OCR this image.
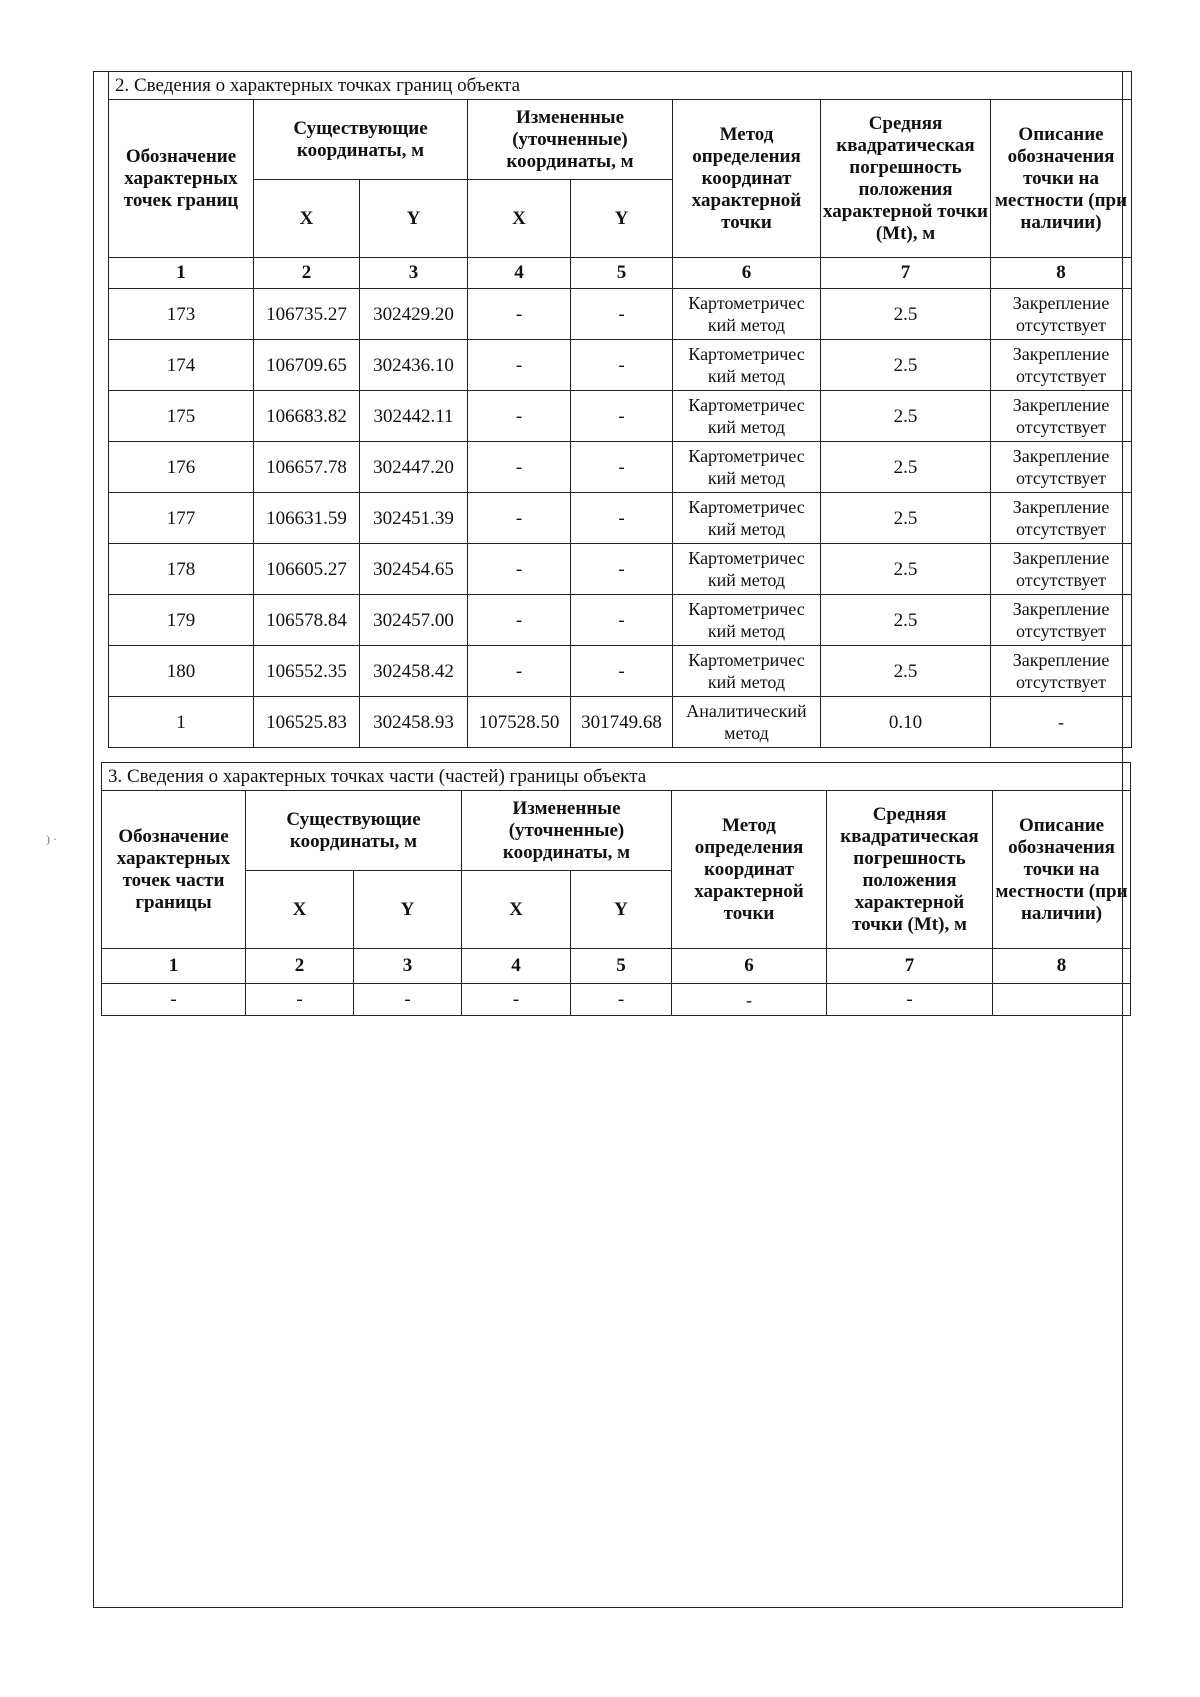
2. Сведения о характерных точках границ объекта							
Обозначение характерных точек границ	Существующие координаты, м		Измененные (уточненные) координаты, м		Метод определения координат характерной точки	Средняя квадратическая погрешность положения характерной точки (Mt), м	Описание обозначения точки на местности (при наличии)
	X	Y	X	Y			
1	2	3	4	5	6	7	8
173	106735.27	302429.20	-	-	Картометричес кий метод	2.5	Закрепление отсутствует
174	106709.65	302436.10	-	-	Картометричес кий метод	2.5	Закрепление отсутствует
175	106683.82	302442.11	-	-	Картометричес кий метод	2.5	Закрепление отсутствует
176	106657.78	302447.20	-	-	Картометричес кий метод	2.5	Закрепление отсутствует
177	106631.59	302451.39	-	-	Картометричес кий метод	2.5	Закрепление отсутствует
178	106605.27	302454.65	-	-	Картометричес кий метод	2.5	Закрепление отсутствует
179	106578.84	302457.00	-	-	Картометричес кий метод	2.5	Закрепление отсутствует
180	106552.35	302458.42	-	-	Картометричес кий метод	2.5	Закрепление отсутствует
1	106525.83	302458.93	107528.50	301749.68	Аналитический метод	0.10	-
3. Сведения о характерных точках части (частей) границы объекта							
Обозначение характерных точек части границы	Существующие координаты, м		Измененные (уточненные) координаты, м		Метод определения координат характерной точки	Средняя квадратическая погрешность положения характерной точки (Mt), м	Описание обозначения точки на местности (при наличии)
	X	Y	X	Y			
1	2	3	4	5	6	7	8
-	-	-	-	-	-	-	
) ·
